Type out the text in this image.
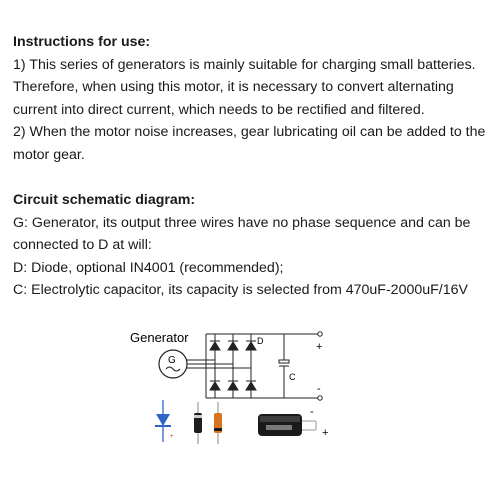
Instructions for use:

1) This series of generators is mainly suitable for charging small batteries.

Therefore, when using this motor, it is necessary to convert alternating

current into direct current, which needs to be rectified and filtered.

2) When the motor noise increases, gear lubricating oil can be added to the

motor gear.

Circuit schematic diagram:

G: Generator, its output three wires have no phase sequence and can be

connected to D at will:

D: Diode, optional IN4001 (recommended);

C: Electrolytic capacitor, its capacity is selected from 470uF-2000uF/16V

Generator
G
D
C
+
-
+
-
+
